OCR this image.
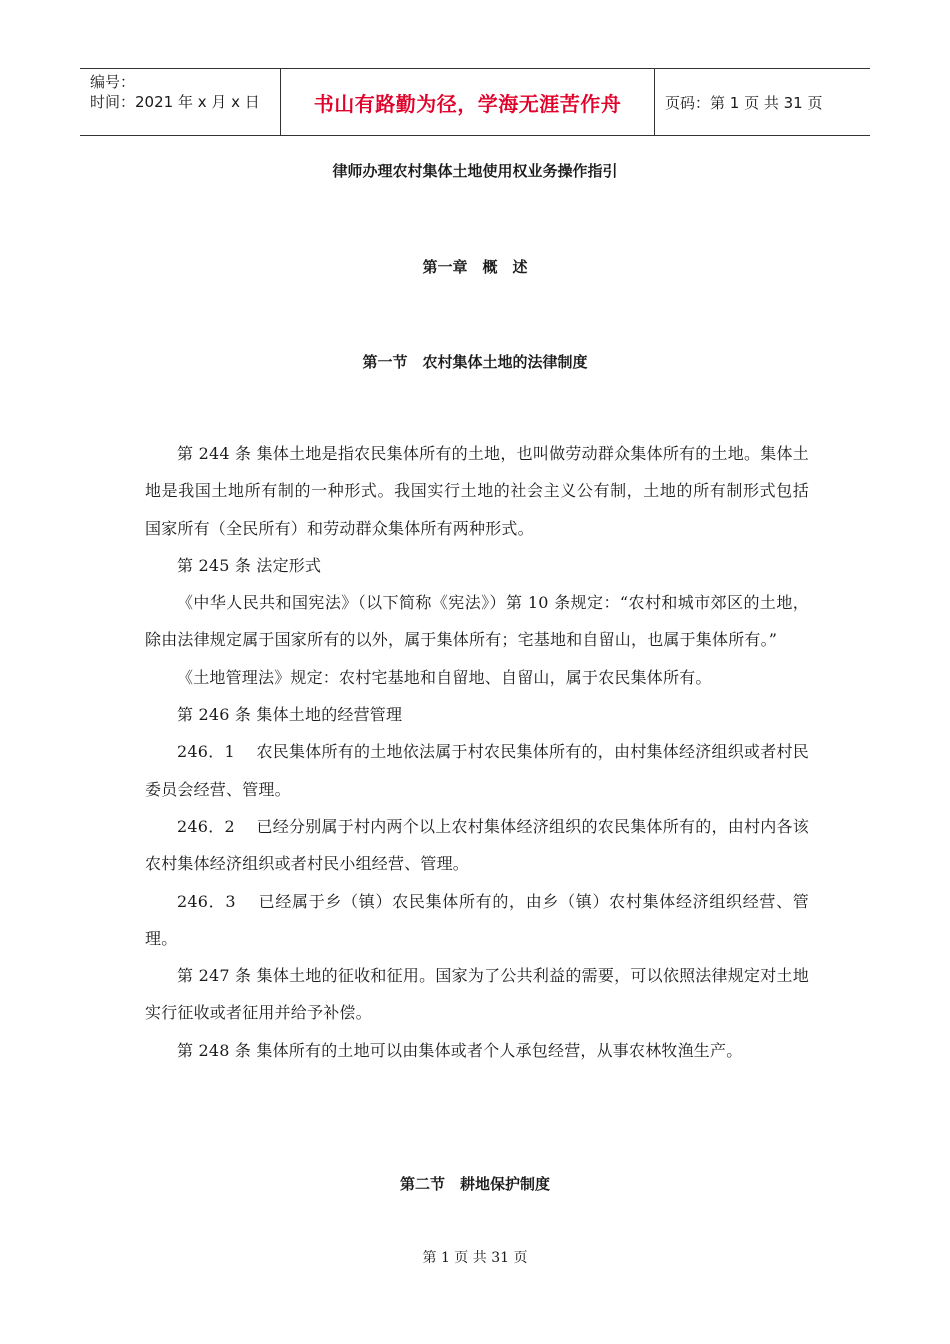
编号：
时间：2021 年 x 月 x 日	书山有路勤为径，学海无涯苦作舟	页码：第 1 页 共 31 页
律师办理农村集体土地使用权业务操作指引
第一章　概　述
第一节　农村集体土地的法律制度

第 244 条 集体土地是指农民集体所有的土地，也叫做劳动群众集体所有的土地。集体土地是我国土地所有制的一种形式。我国实行土地的社会主义公有制，土地的所有制形式包括国家所有（全民所有）和劳动群众集体所有两种形式。

第 245 条 法定形式

《中华人民共和国宪法》（以下简称《宪法》）第 10 条规定：“农村和城市郊区的土地，除由法律规定属于国家所有的以外，属于集体所有；宅基地和自留山，也属于集体所有。”

《土地管理法》规定：农村宅基地和自留地、自留山，属于农民集体所有。

第 246 条 集体土地的经营管理

246．1　 农民集体所有的土地依法属于村农民集体所有的，由村集体经济组织或者村民委员会经营、管理。

246．2　 已经分别属于村内两个以上农村集体经济组织的农民集体所有的，由村内各该农村集体经济组织或者村民小组经营、管理。

246．3　 已经属于乡（镇）农民集体所有的，由乡（镇）农村集体经济组织经营、管理。

第 247 条 集体土地的征收和征用。国家为了公共利益的需要，可以依照法律规定对土地实行征收或者征用并给予补偿。

第 248 条 集体所有的土地可以由集体或者个人承包经营，从事农林牧渔生产。

第二节　耕地保护制度
第 1 页 共 31 页
